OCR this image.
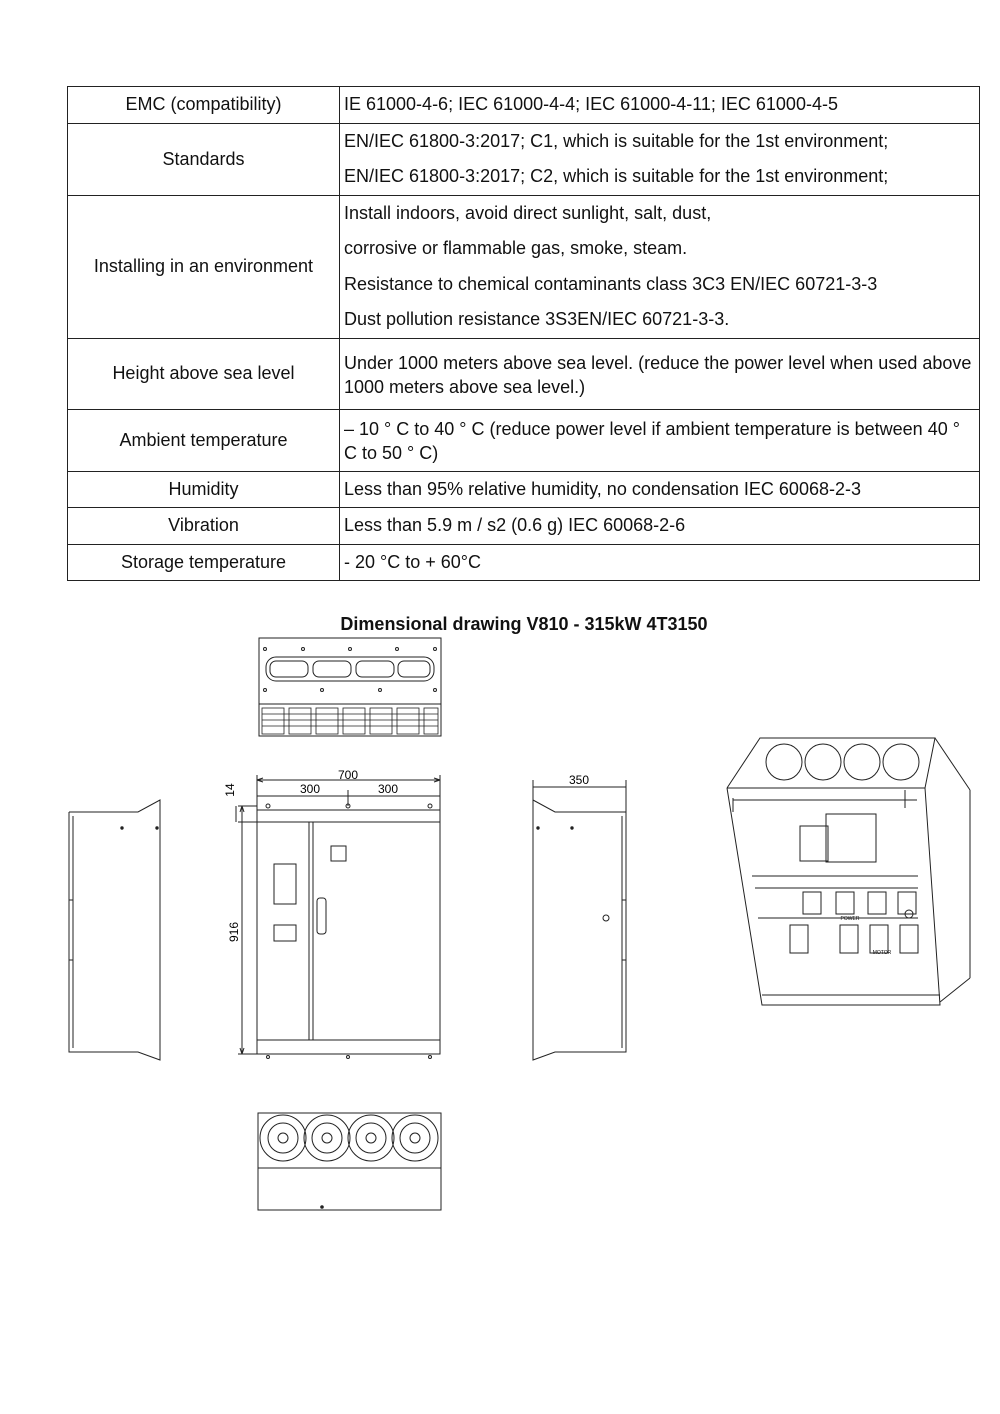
EMC (compatibility)	IE 61000-4-6; IEC 61000-4-4; IEC 61000-4-11; IEC 61000-4-5

Standards	EN/IEC 61800-3:2017; C1, which is suitable for the 1st environment;
EN/IEC 61800-3:2017; C2, which is suitable for the 1st environment;

Installing in an environment	Install indoors, avoid direct sunlight, salt, dust,
corrosive or flammable gas, smoke, steam.
Resistance to chemical contaminants class 3C3 EN/IEC 60721-3-3
Dust pollution resistance 3S3EN/IEC 60721-3-3.

Height above sea level	Under 1000 meters above sea level. (reduce the power level when used above 1000 meters above sea level.)

Ambient temperature	– 10 ° C to 40 ° C (reduce power level if ambient temperature is between 40 ° C to 50 ° C)

Humidity	Less than 95% relative humidity, no condensation IEC 60068-2-3

Vibration	Less than 5.9 m / s2 (0.6 g) IEC 60068-2-6

Storage temperature	- 20 °C to + 60°C
Dimensional drawing V810 - 315kW 4T3150
700
300	300
14
916
350
POWER
MOTOR
